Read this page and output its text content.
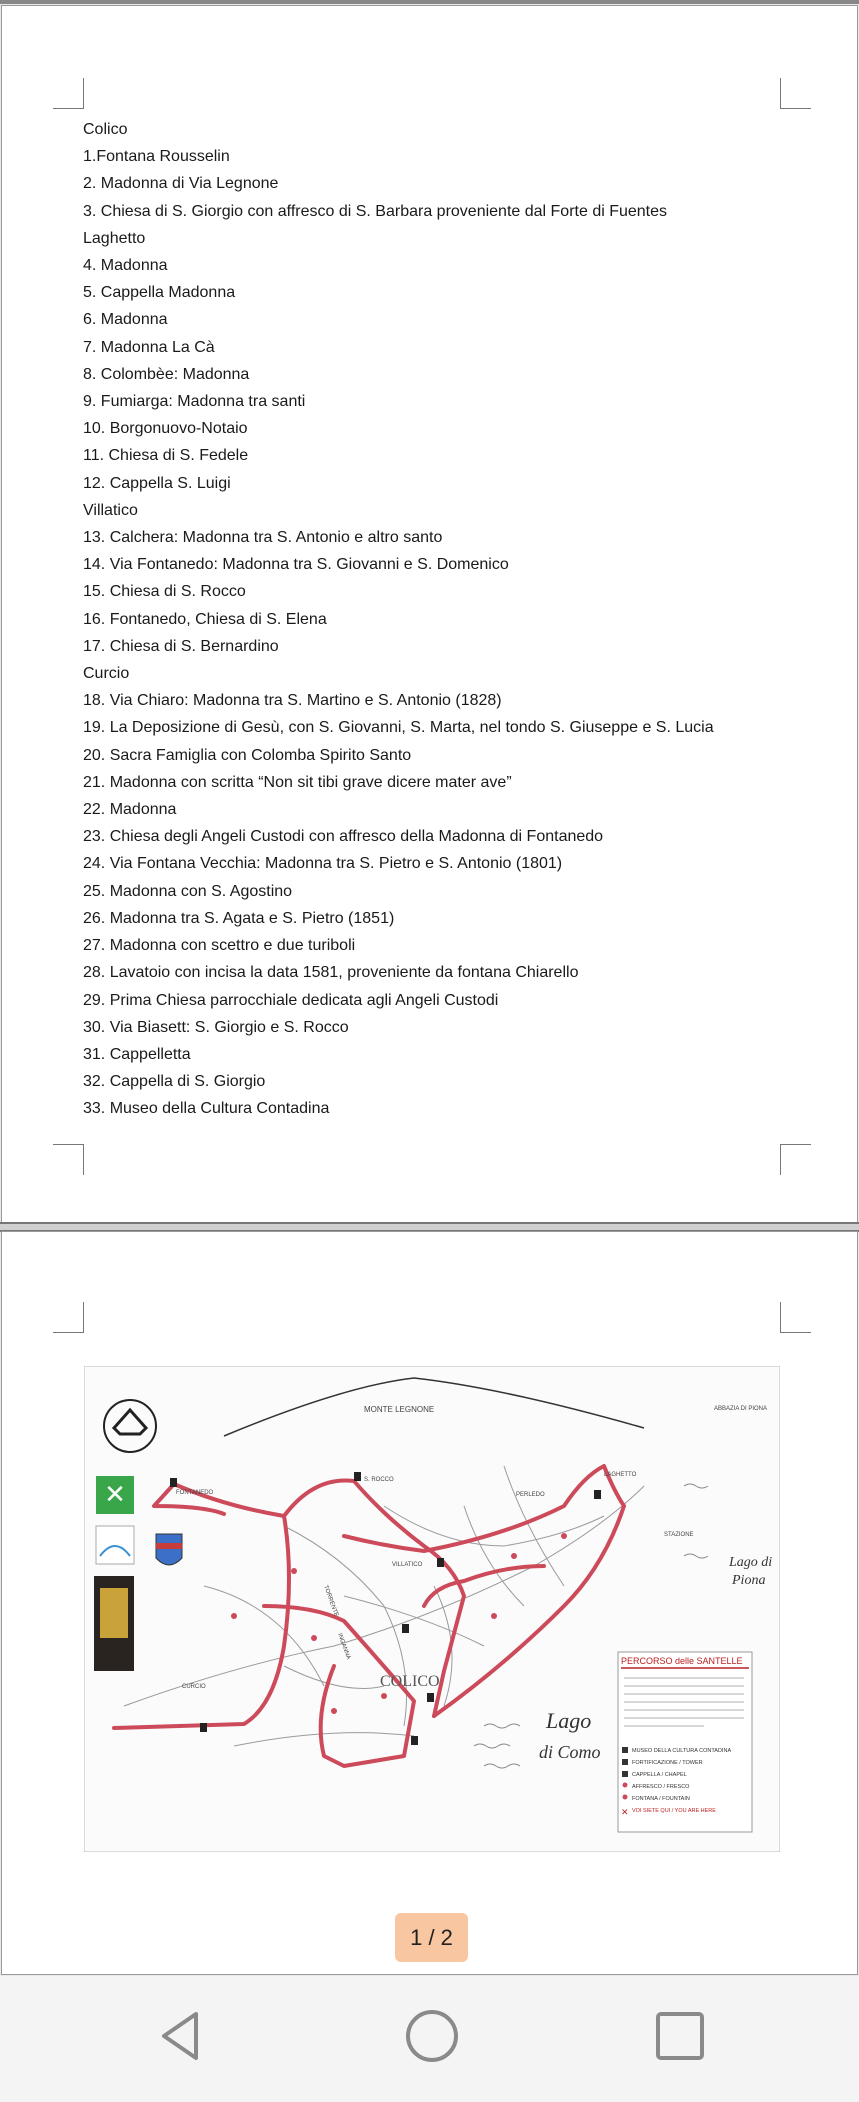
Colico
1.Fontana Rousselin
2. Madonna di Via Legnone
3. Chiesa di S. Giorgio con affresco di S. Barbara proveniente dal Forte di Fuentes
Laghetto
4. Madonna
5. Cappella Madonna
6. Madonna
7. Madonna La Cà
8. Colombèe: Madonna
9. Fumiarga: Madonna tra santi
10. Borgonuovo-Notaio
11. Chiesa di S. Fedele
12. Cappella S. Luigi
Villatico
13. Calchera: Madonna tra S. Antonio e altro santo
14. Via Fontanedo: Madonna tra S. Giovanni e S. Domenico
15. Chiesa di S. Rocco
16. Fontanedo, Chiesa di S. Elena
17. Chiesa di S. Bernardino
Curcio
18. Via Chiaro: Madonna tra S. Martino e S. Antonio (1828)
19. La Deposizione di Gesù, con S. Giovanni, S. Marta, nel tondo S. Giuseppe e S. Lucia
20. Sacra Famiglia con Colomba Spirito Santo
21. Madonna con scritta “Non sit tibi grave dicere mater ave”
22. Madonna
23. Chiesa degli Angeli Custodi con affresco della Madonna di Fontanedo
24. Via Fontana Vecchia: Madonna tra S. Pietro e S. Antonio (1801)
25. Madonna con S. Agostino
26. Madonna tra S. Agata e S. Pietro (1851)
27. Madonna con scettro e due turiboli
28. Lavatoio con incisa la data 1581, proveniente da fontana Chiarello
29. Prima Chiesa parrocchiale dedicata agli Angeli Custodi
30. Via Biasett: S. Giorgio e S. Rocco
31. Cappelletta
32. Cappella di S. Giorgio
33. Museo della Cultura Contadina
MONTE LEGNONE
✕	FONTANEDO
S. ROCCO
VILLATICO
LAGHETTO
CURCIO
STAZIONE
ABBAZIA DI PIONA
PERLEDO
TORRENTE
INGANNA
COLICO
Lago
di Como
Lago di
Piona
PERCORSO delle SANTELLE
MUSEO DELLA CULTURA CONTADINA
FORTIFICAZIONE / TOWER
CAPPELLA / CHAPEL
AFFRESCO / FRESCO
FONTANA / FOUNTAIN
VOI SIETE QUI / YOU ARE HERE
✕
1 / 2
